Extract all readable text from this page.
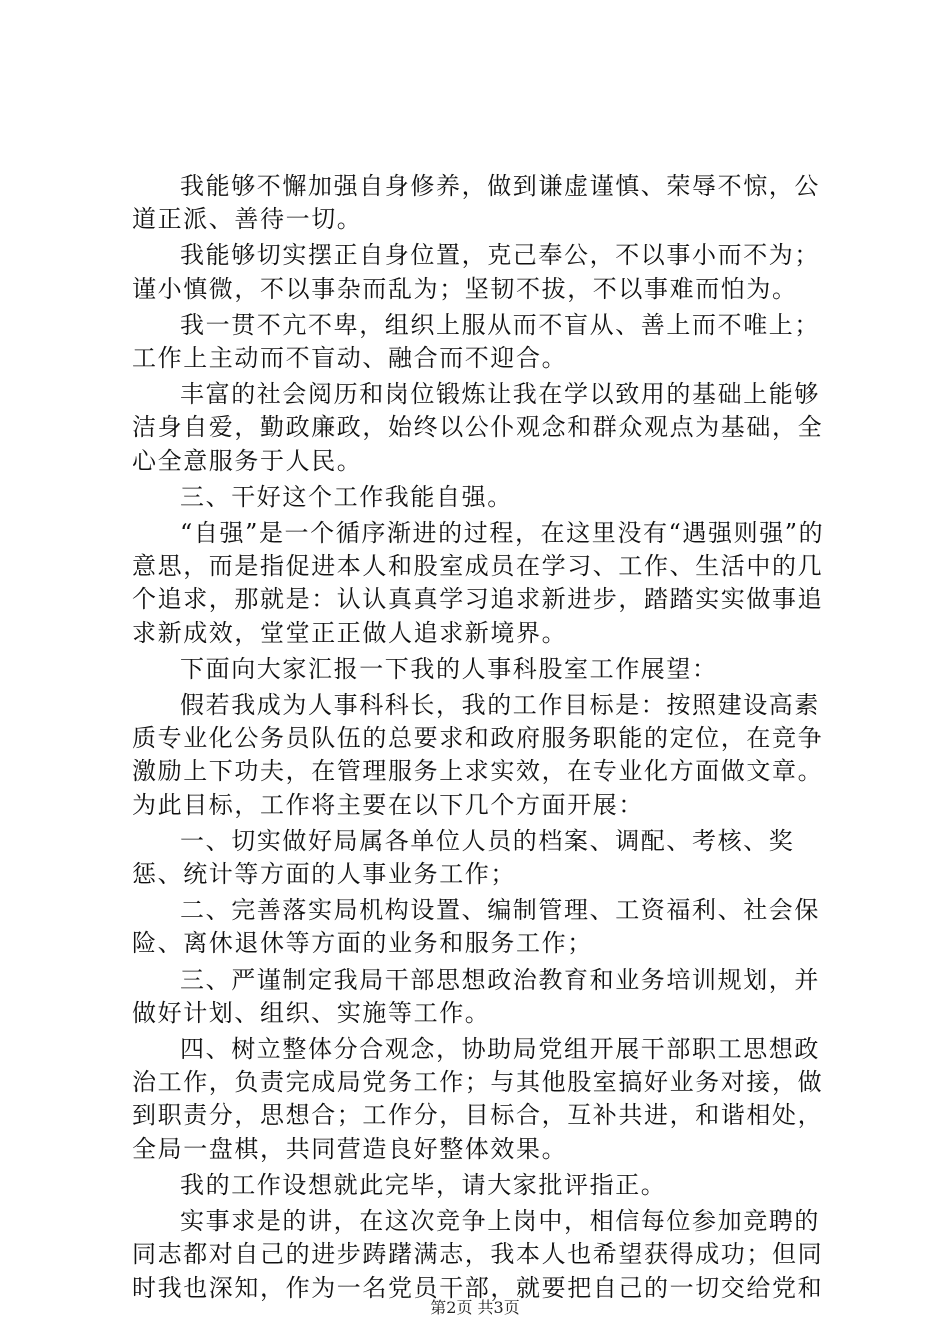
我能够不懈加强自身修养，做到谦虚谨慎、荣辱不惊，公道正派、善待一切。

我能够切实摆正自身位置，克己奉公，不以事小而不为；谨小慎微，不以事杂而乱为；坚韧不拔，不以事难而怕为。

我一贯不亢不卑，组织上服从而不盲从、善上而不唯上；工作上主动而不盲动、融合而不迎合。

丰富的社会阅历和岗位锻炼让我在学以致用的基础上能够洁身自爱，勤政廉政，始终以公仆观念和群众观点为基础，全心全意服务于人民。

三、干好这个工作我能自强。

“自强”是一个循序渐进的过程，在这里没有“遇强则强”的意思，而是指促进本人和股室成员在学习、工作、生活中的几个追求，那就是：认认真真学习追求新进步，踏踏实实做事追求新成效，堂堂正正做人追求新境界。

下面向大家汇报一下我的人事科股室工作展望：

假若我成为人事科科长，我的工作目标是：按照建设高素质专业化公务员队伍的总要求和政府服务职能的定位，在竞争激励上下功夫，在管理服务上求实效，在专业化方面做文章。为此目标，工作将主要在以下几个方面开展：

一、切实做好局属各单位人员的档案、调配、考核、奖惩、统计等方面的人事业务工作；

二、完善落实局机构设置、编制管理、工资福利、社会保险、离休退休等方面的业务和服务工作；

三、严谨制定我局干部思想政治教育和业务培训规划，并做好计划、组织、实施等工作。

四、树立整体分合观念，协助局党组开展干部职工思想政治工作，负责完成局党务工作；与其他股室搞好业务对接，做到职责分，思想合；工作分，目标合，互补共进，和谐相处，全局一盘棋，共同营造良好整体效果。

我的工作设想就此完毕，请大家批评指正。

实事求是的讲，在这次竞争上岗中，相信每位参加竞聘的同志都对自己的进步踌躇满志，我本人也希望获得成功；但同时我也深知，作为一名党员干部，就要把自己的一切交给党和

第2页 共3页
